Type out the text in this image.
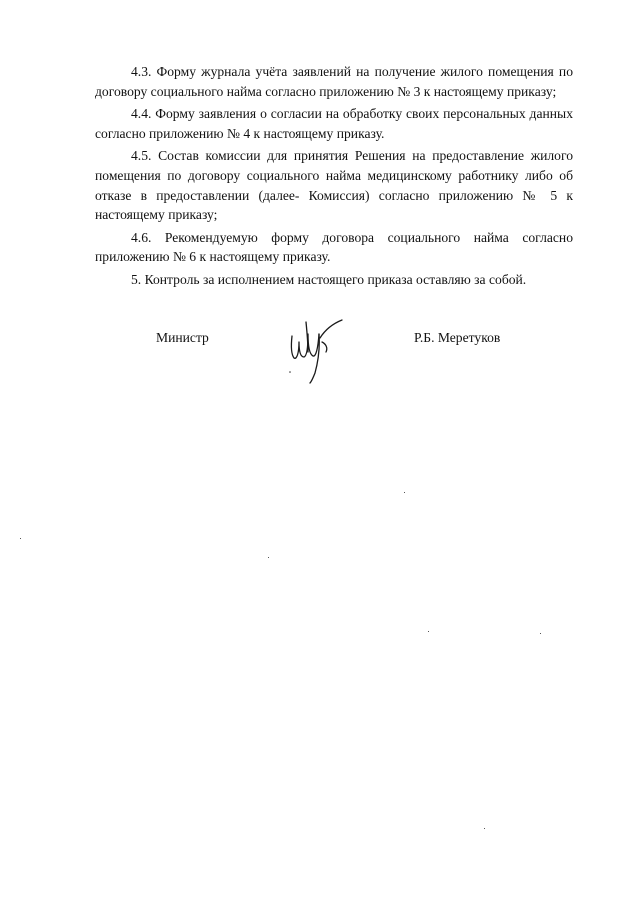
4.3. Форму журнала учёта заявлений на получение жилого помещения по договору социального найма согласно приложению № 3 к настоящему приказу;

4.4. Форму заявления о согласии на обработку своих персональных данных согласно приложению № 4 к настоящему приказу.

4.5. Состав комиссии для принятия Решения на предоставление жилого помещения по договору социального найма медицинскому работнику либо об отказе в предоставлении (далее- Комиссия) согласно приложению № 5 к настоящему приказу;

4.6. Рекомендуемую форму договора социального найма согласно приложению № 6 к настоящему приказу.

5. Контроль за исполнением настоящего приказа оставляю за собой.

Министр	Р.Б. Меретуков
